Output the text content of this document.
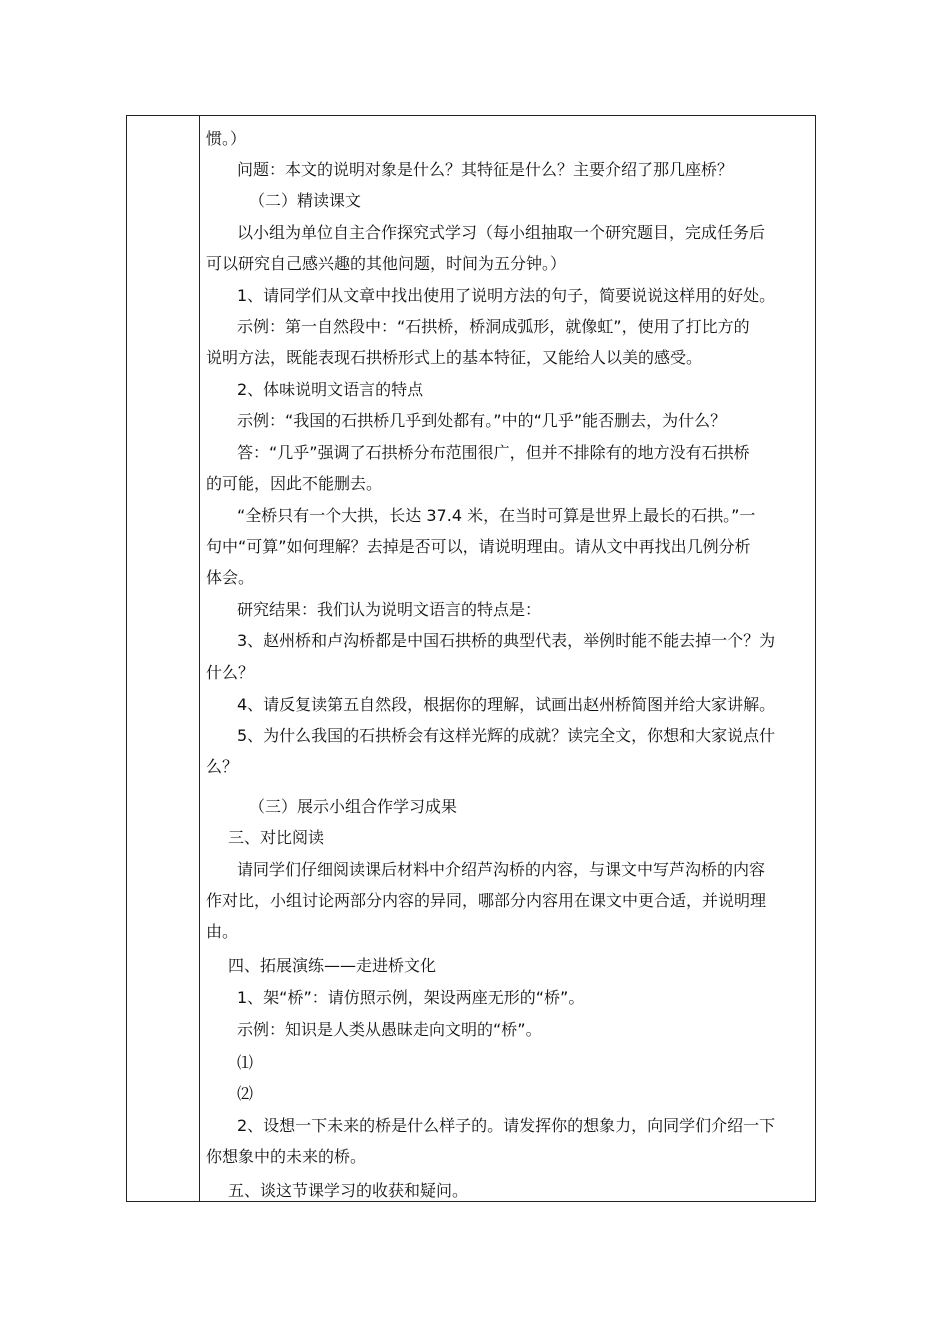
惯。）
问题：本文的说明对象是什么？其特征是什么？主要介绍了那几座桥？
（二）精读课文
以小组为单位自主合作探究式学习（每小组抽取一个研究题目，完成任务后
可以研究自己感兴趣的其他问题，时间为五分钟。）
1、请同学们从文章中找出使用了说明方法的句子，简要说说这样用的好处。
示例：第一自然段中：“石拱桥，桥洞成弧形，就像虹”，使用了打比方的
说明方法，既能表现石拱桥形式上的基本特征，又能给人以美的感受。
2、体味说明文语言的特点
示例：“我国的石拱桥几乎到处都有。”中的“几乎”能否删去，为什么？
答：“几乎”强调了石拱桥分布范围很广，但并不排除有的地方没有石拱桥
的可能，因此不能删去。
“全桥只有一个大拱，长达 37.4 米，在当时可算是世界上最长的石拱。”一
句中“可算”如何理解？去掉是否可以，请说明理由。请从文中再找出几例分析
体会。
研究结果：我们认为说明文语言的特点是：
3、赵州桥和卢沟桥都是中国石拱桥的典型代表，举例时能不能去掉一个？为
什么？
4、请反复读第五自然段，根据你的理解，试画出赵州桥简图并给大家讲解。
5、为什么我国的石拱桥会有这样光辉的成就？读完全文，你想和大家说点什
么？
（三）展示小组合作学习成果
三、对比阅读
请同学们仔细阅读课后材料中介绍芦沟桥的内容，与课文中写芦沟桥的内容
作对比，小组讨论两部分内容的异同，哪部分内容用在课文中更合适，并说明理
由。
四、拓展演练——走进桥文化
1、架“桥”：请仿照示例，架设两座无形的“桥”。
示例：知识是人类从愚昧走向文明的“桥”。
⑴
⑵
2、设想一下未来的桥是什么样子的。请发挥你的想象力，向同学们介绍一下
你想象中的未来的桥。
五、谈这节课学习的收获和疑问。
